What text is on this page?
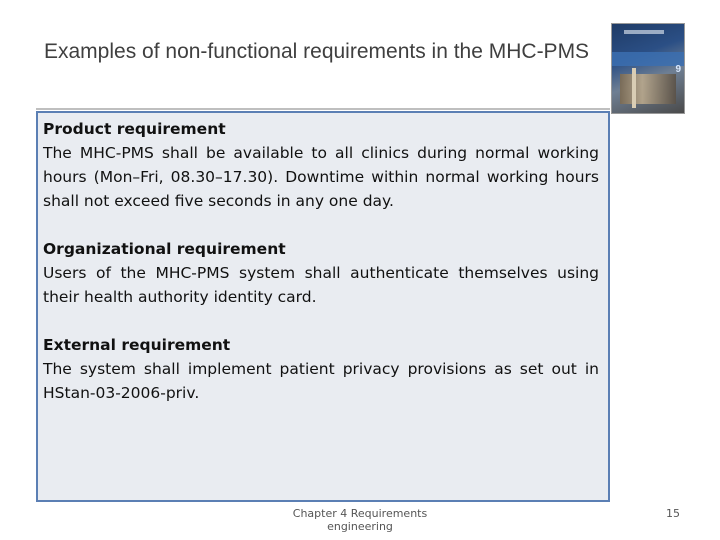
Examples of non-functional requirements in the MHC-PMS
9
Product requirement

The MHC-PMS shall be available to all clinics during normal working hours (Mon–Fri, 08.30–17.30). Downtime within normal working hours shall not exceed five seconds in any one day.

Organizational requirement

Users of the MHC-PMS system shall authenticate themselves using their health authority identity card.

External requirement

The system shall implement patient privacy provisions as set out in HStan-03-2006-priv.

Chapter 4 Requirements engineering
15
